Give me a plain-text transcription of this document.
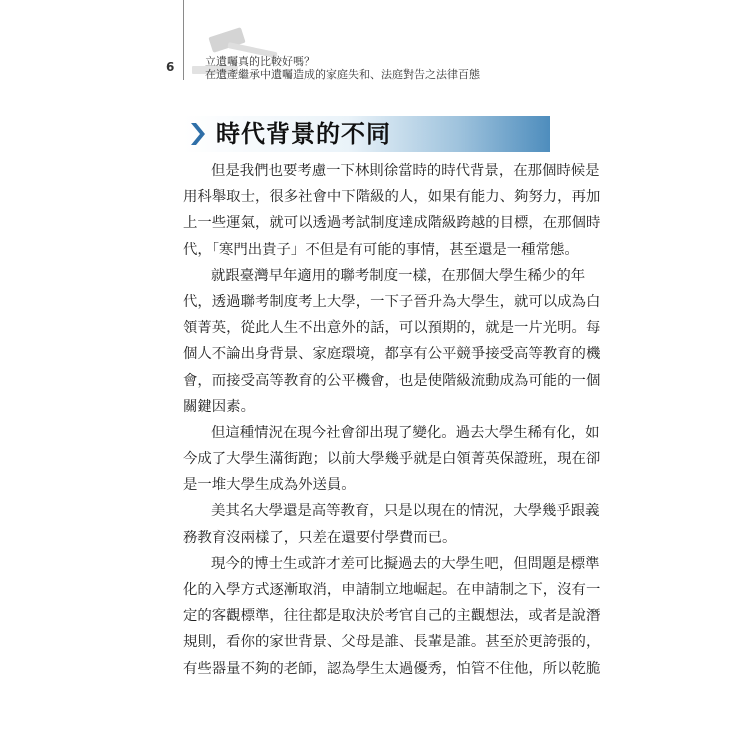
6	立遺囑真的比較好嗎？
在遺產繼承中遺囑造成的家庭失和、法庭對告之法律百態
時代背景的不同
但是我們也要考慮一下林則徐當時的時代背景，在那個時候是
用科舉取士，很多社會中下階級的人，如果有能力、夠努力，再加
上一些運氣，就可以透過考試制度達成階級跨越的目標，在那個時
代，「寒門出貴子」不但是有可能的事情，甚至還是一種常態。
就跟臺灣早年適用的聯考制度一樣，在那個大學生稀少的年
代，透過聯考制度考上大學，一下子晉升為大學生，就可以成為白
領菁英，從此人生不出意外的話，可以預期的，就是一片光明。每
個人不論出身背景、家庭環境，都享有公平競爭接受高等教育的機
會，而接受高等教育的公平機會，也是使階級流動成為可能的一個
關鍵因素。
但這種情況在現今社會卻出現了變化。過去大學生稀有化，如
今成了大學生滿街跑；以前大學幾乎就是白領菁英保證班，現在卻
是一堆大學生成為外送員。
美其名大學還是高等教育，只是以現在的情況，大學幾乎跟義
務教育沒兩樣了，只差在還要付學費而已。
現今的博士生或許才差可比擬過去的大學生吧，但問題是標準
化的入學方式逐漸取消，申請制立地崛起。在申請制之下，沒有一
定的客觀標準，往往都是取決於考官自己的主觀想法，或者是說潛
規則，看你的家世背景、父母是誰、長輩是誰。甚至於更誇張的，
有些器量不夠的老師，認為學生太過優秀，怕管不住他，所以乾脆
